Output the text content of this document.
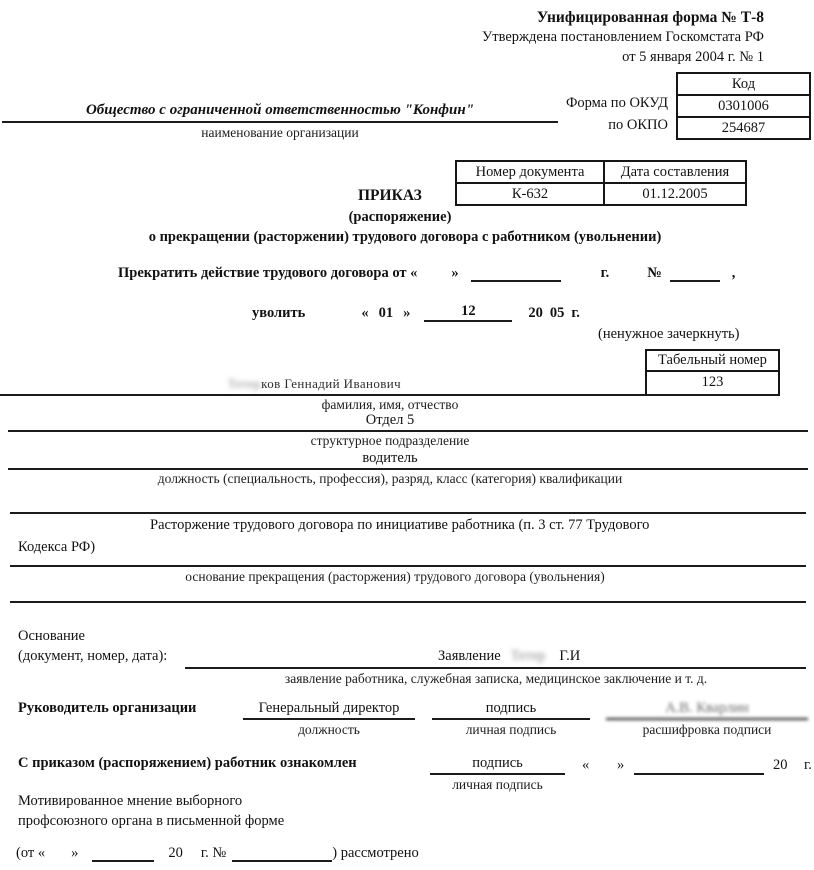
Унифицированная форма № Т-8
Утверждена постановлением Госкомстата РФ
от 5 января 2004 г. № 1
Код
0301006
254687
Форма по ОКУД
по ОКПО
Общество с ограниченной ответственностью "Конфин"
наименование организации
Номер документа	Дата составления
К-632	01.12.2005
ПРИКАЗ
(распоряжение)
о прекращении (расторжении) трудового договора с работником (увольнении)
Прекратить действие трудового договора от « »	г.	№	,
уволить	« 01 »	12	20 05 г.
(ненужное зачеркнуть)
Табельный номер
123
Тетер ков Геннадий Иванович
фамилия, имя, отчество
Отдел 5
структурное подразделение
водитель
должность (специальность, профессия), разряд, класс (категория) квалификации
Расторжение трудового договора по инициативе работника (п. 3 ст. 77 Трудового
Кодекса РФ)
основание прекращения (расторжения) трудового договора (увольнения)
Основание
(документ, номер, дата):	Заявление Тетер Г.И
заявление работника, служебная записка, медицинское заключение и т. д.
Руководитель организации	Генеральный директор
должность
подпись
личная подпись
А.В. Кварлин
расшифровка подписи
С приказом (распоряжением) работник ознакомлен	подпись
личная подпись
« »	20 г.
Мотивированное мнение выборного
профсоюзного органа в письменной форме
(от « »	20 г. №	) рассмотрено
